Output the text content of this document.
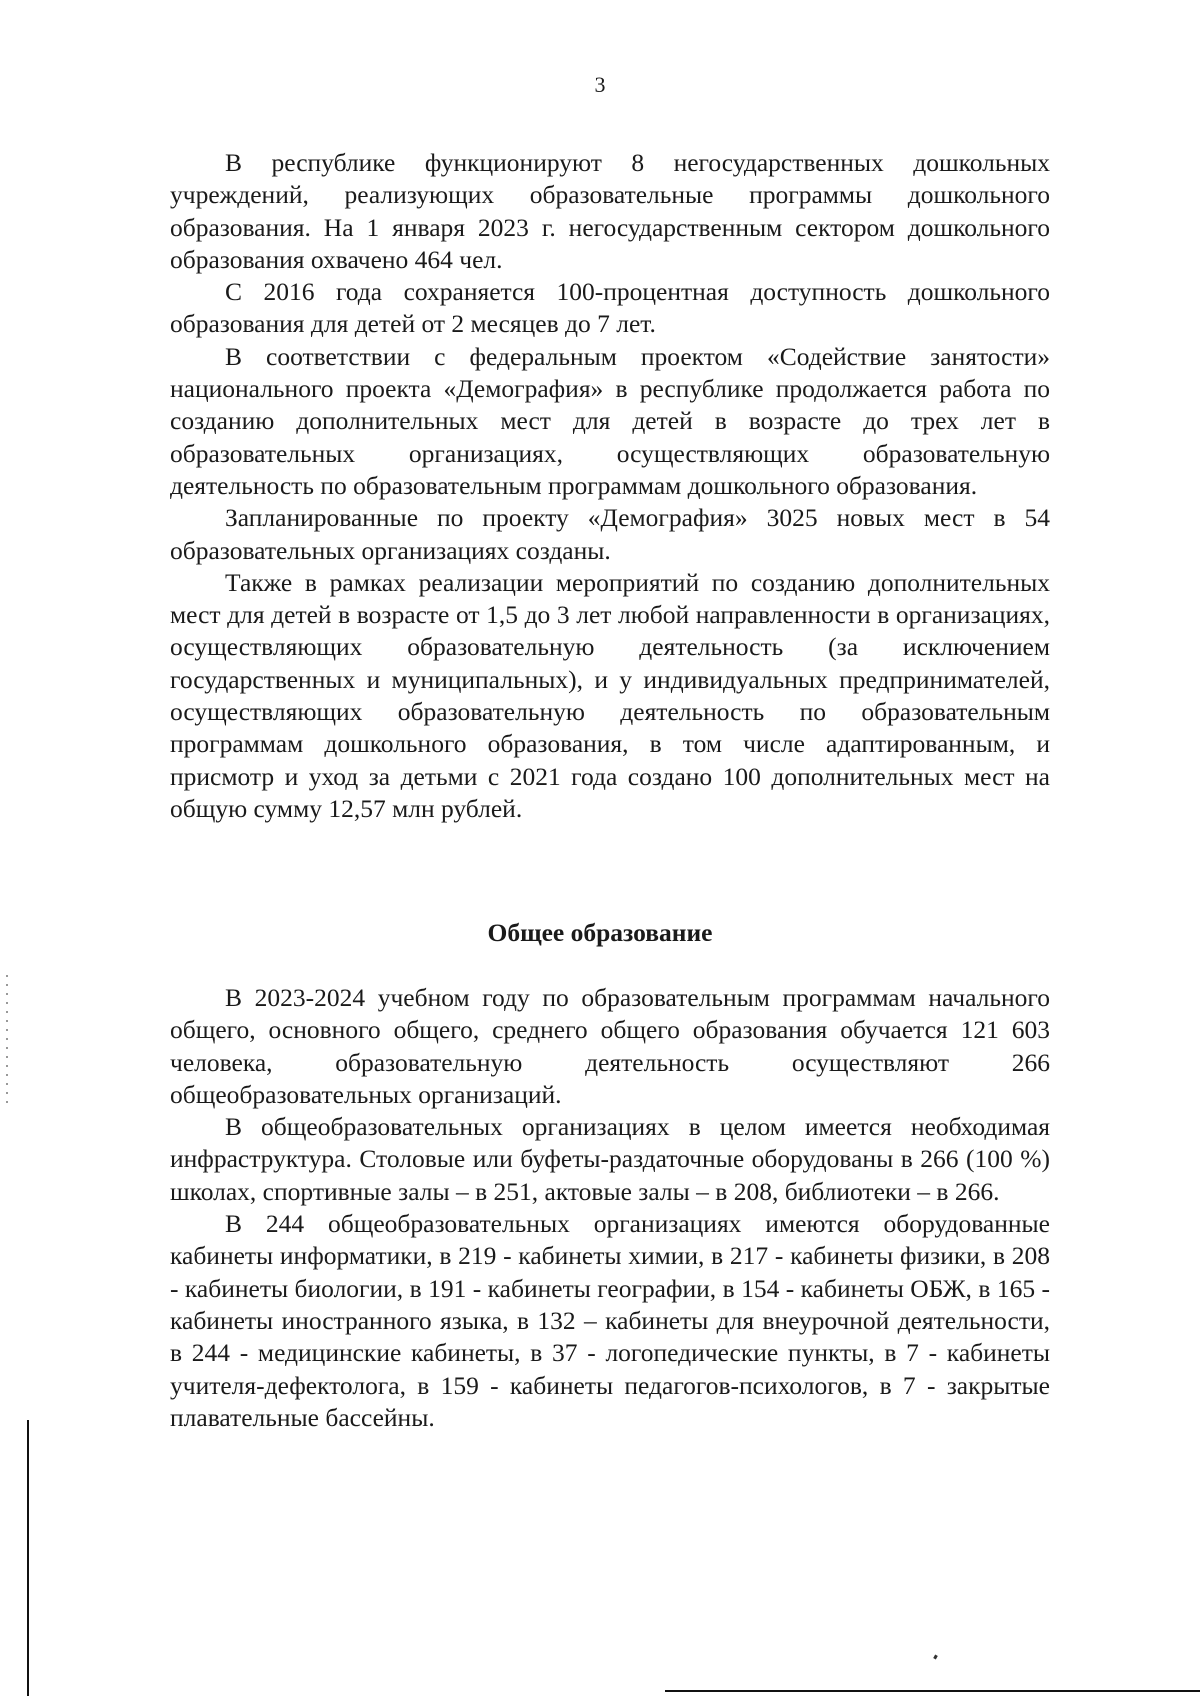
3

В республике функционируют 8 негосударственных дошкольных учреждений, реализующих образовательные программы дошкольного образования. На 1 января 2023 г. негосударственным сектором дошкольного образования охвачено 464 чел.

С 2016 года сохраняется 100-процентная доступность дошкольного образования для детей от 2 месяцев до 7 лет.

В соответствии с федеральным проектом «Содействие занятости» национального проекта «Демография» в республике продолжается работа по созданию дополнительных мест для детей в возрасте до трех лет в образовательных организациях, осуществляющих образовательную деятельность по образовательным программам дошкольного образования.

Запланированные по проекту «Демография» 3025 новых мест в 54 образовательных организациях созданы.

Также в рамках реализации мероприятий по созданию дополнительных мест для детей в возрасте от 1,5 до 3 лет любой направленности в организациях, осуществляющих образовательную деятельность (за исключением государственных и муниципальных), и у индивидуальных предпринимателей, осуществляющих образовательную деятельность по образовательным программам дошкольного образования, в том числе адаптированным, и присмотр и уход за детьми с 2021 года создано 100 дополнительных мест на общую сумму 12,57 млн рублей.

Общее образование

В 2023-2024 учебном году по образовательным программам начального общего, основного общего, среднего общего образования обучается 121 603 человека, образовательную деятельность осуществляют 266 общеобразовательных организаций.

В общеобразовательных организациях в целом имеется необходимая инфраструктура. Столовые или буфеты-раздаточные оборудованы в 266 (100 %) школах, спортивные залы – в 251, актовые залы – в 208, библиотеки – в 266.

В 244 общеобразовательных организациях имеются оборудованные кабинеты информатики, в 219 - кабинеты химии, в 217 - кабинеты физики, в 208 - кабинеты биологии, в 191 - кабинеты географии, в 154 - кабинеты ОБЖ, в 165 - кабинеты иностранного языка, в 132 – кабинеты для внеурочной деятельности, в 244 - медицинские кабинеты, в 37 - логопедические пункты, в 7 - кабинеты учителя-дефектолога, в 159 - кабинеты педагогов-психологов, в 7 - закрытые плавательные бассейны.
